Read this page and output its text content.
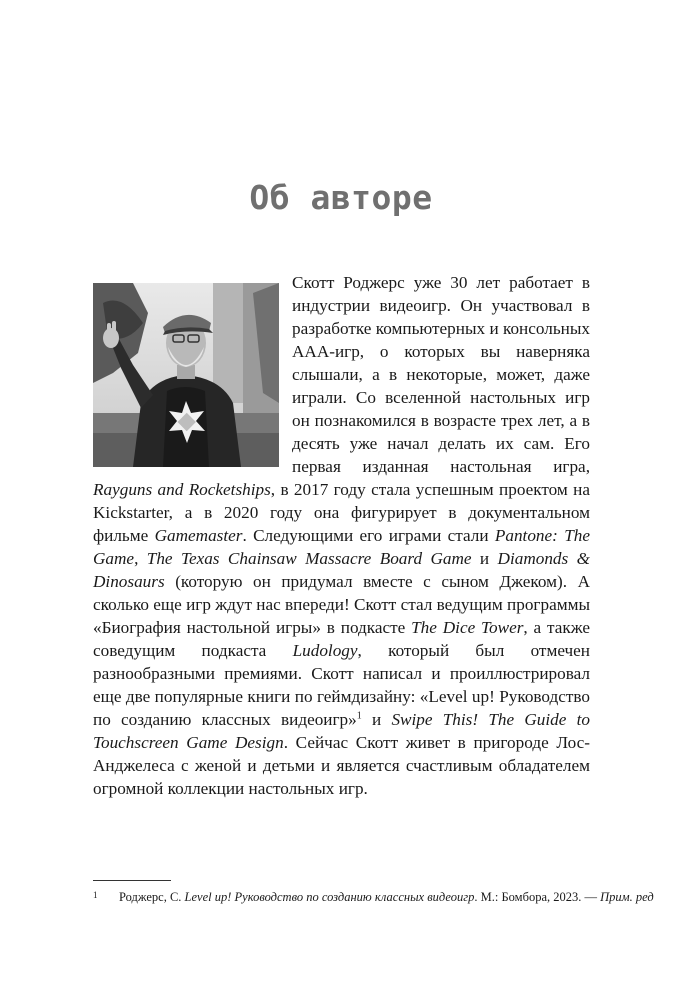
Об авторе
Скотт Роджерс уже 30 лет работает в индустрии видеоигр. Он участвовал в разработке компьютерных и консольных ААА-игр, о которых вы наверняка слышали, а в некоторые, может, даже играли. Со вселенной настольных игр он познакомился в возрасте трех лет, а в десять уже начал делать их сам. Его первая изданная настольная игра, Rayguns and Rocketships, в 2017 году стала успешным проектом на Kickstarter, а в 2020 году она фигурирует в документальном фильме Gamemaster. Следующими его играми стали Pantone: The Game, The Texas Chainsaw Massacre Board Game и Diamonds & Dinosaurs (которую он придумал вместе с сыном Джеком). А сколько еще игр ждут нас впереди! Скотт стал ведущим программы «Биография настольной игры» в подкасте The Dice Tower, а также соведущим подкаста Ludology, который был отмечен разнообразными премиями. Скотт написал и проиллюстрировал еще две популярные книги по геймдизайну: «Level up! Руководство по созданию классных видеоигр»$^1$ и Swipe This! The Guide to Touchscreen Game Design. Сейчас Скотт живет в пригороде Лос-Анджелеса с женой и детьми и является счастливым обладателем огромной коллекции настольных игр.

1 Роджерс, С. Level up! Руководство по созданию классных видеоигр. М.: Бомбора, 2023. — Прим. ред
